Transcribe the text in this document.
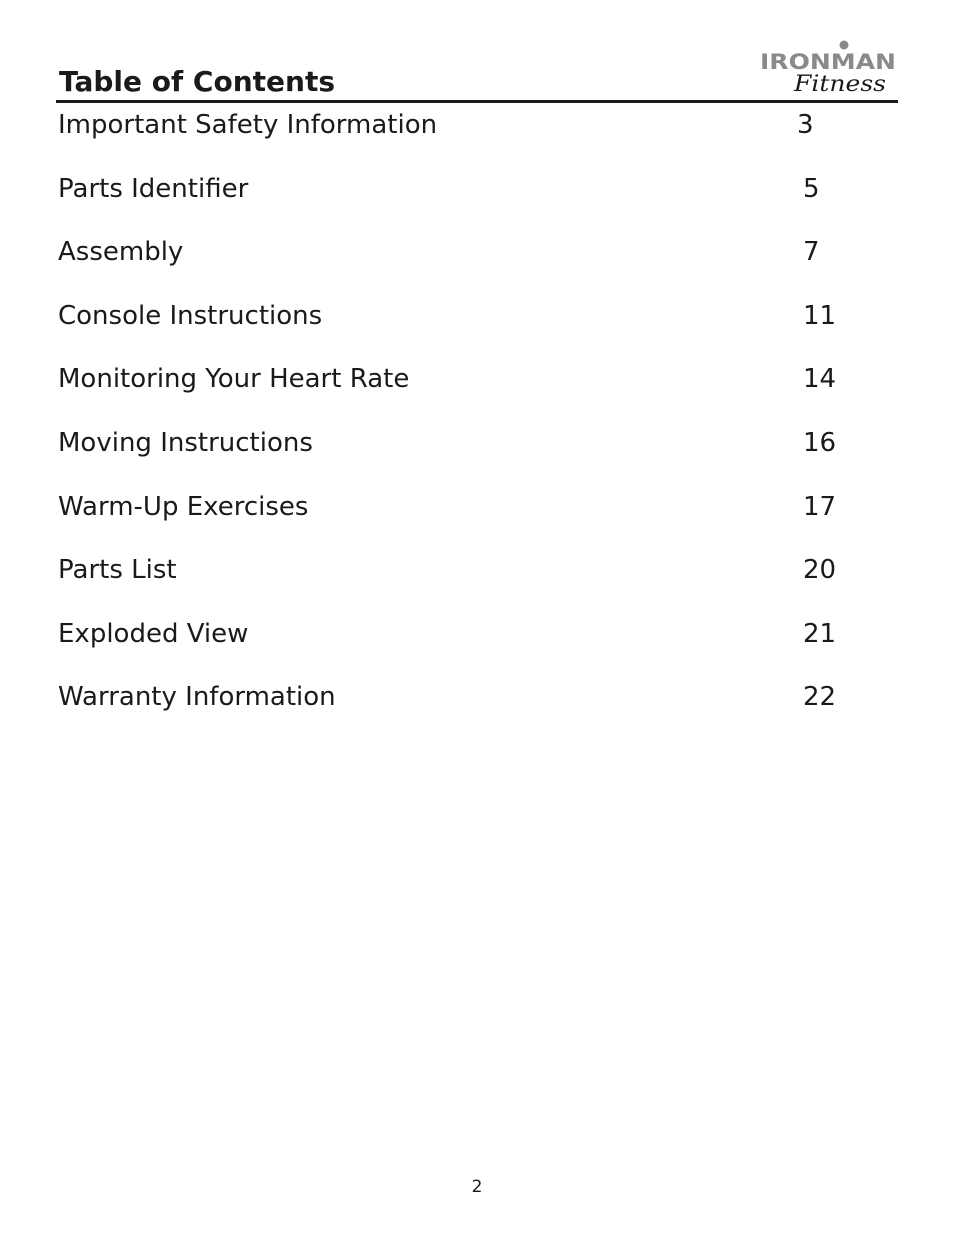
Table of Contents
IRONMAN
Fitness
Important Safety Information	3
Parts Identifier	5
Assembly	7
Console Instructions	11
Monitoring Your Heart Rate	14
Moving Instructions	16
Warm-Up Exercises	17
Parts List	20
Exploded View	21
Warranty Information	22
2
